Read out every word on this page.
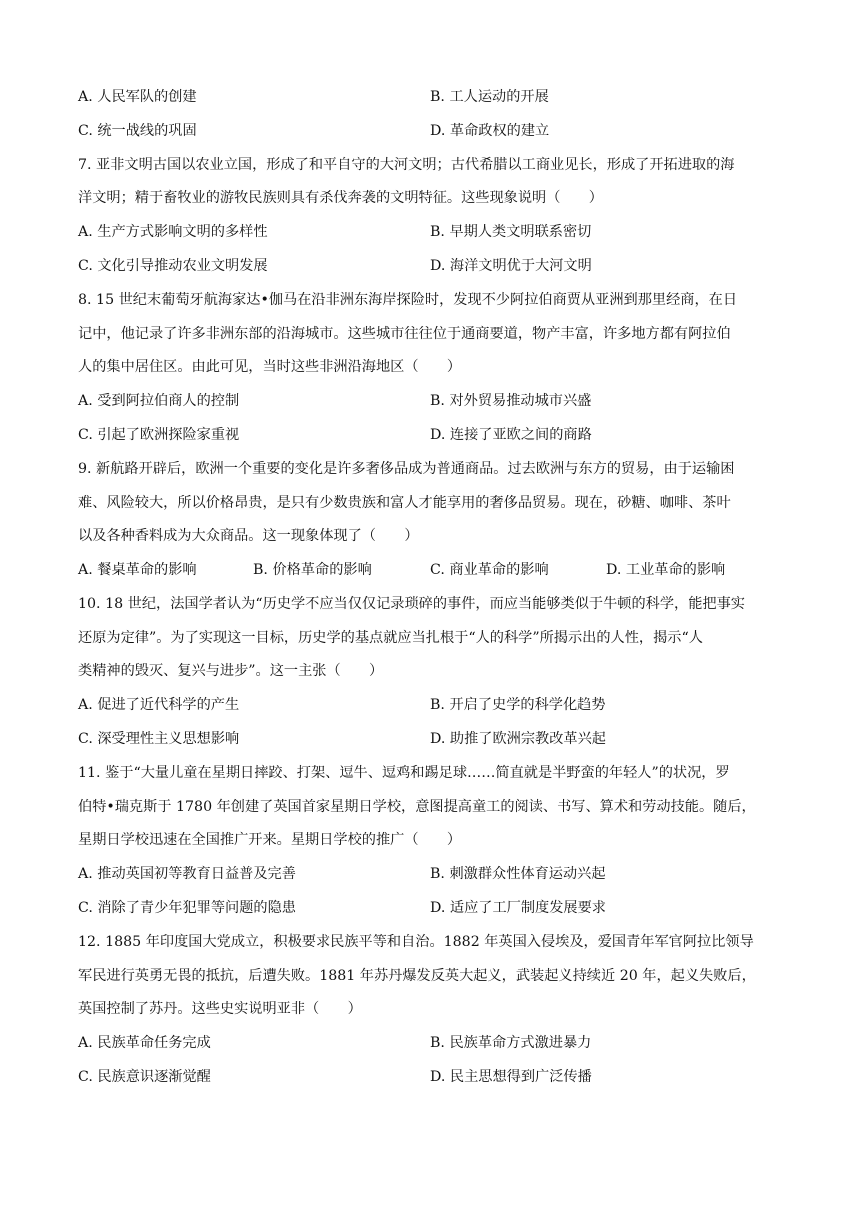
A. 人民军队的创建	B. 工人运动的开展
C. 统一战线的巩固	D. 革命政权的建立
7. 亚非文明古国以农业立国，形成了和平自守的大河文明；古代希腊以工商业见长，形成了开拓进取的海
洋文明；精于畜牧业的游牧民族则具有杀伐奔袭的文明特征。这些现象说明（　　）
A. 生产方式影响文明的多样性	B. 早期人类文明联系密切
C. 文化引导推动农业文明发展	D. 海洋文明优于大河文明
8. 15 世纪末葡萄牙航海家达•伽马在沿非洲东海岸探险时，发现不少阿拉伯商贾从亚洲到那里经商，在日
记中，他记录了许多非洲东部的沿海城市。这些城市往往位于通商要道，物产丰富，许多地方都有阿拉伯
人的集中居住区。由此可见，当时这些非洲沿海地区（　　）
A. 受到阿拉伯商人的控制	B. 对外贸易推动城市兴盛
C. 引起了欧洲探险家重视	D. 连接了亚欧之间的商路
9. 新航路开辟后，欧洲一个重要的变化是许多奢侈品成为普通商品。过去欧洲与东方的贸易，由于运输困
难、风险较大，所以价格昂贵，是只有少数贵族和富人才能享用的奢侈品贸易。现在，砂糖、咖啡、茶叶
以及各种香料成为大众商品。这一现象体现了（　　）
A. 餐桌革命的影响	B. 价格革命的影响	C. 商业革命的影响	D. 工业革命的影响
10. 18 世纪，法国学者认为“历史学不应当仅仅记录琐碎的事件，而应当能够类似于牛顿的科学，能把事实
还原为定律”。为了实现这一目标，历史学的基点就应当扎根于“人的科学”所揭示出的人性，揭示“人
类精神的毁灭、复兴与进步”。这一主张（　　）
A. 促进了近代科学的产生	B. 开启了史学的科学化趋势
C. 深受理性主义思想影响	D. 助推了欧洲宗教改革兴起
11. 鉴于“大量儿童在星期日摔跤、打架、逗牛、逗鸡和踢足球……简直就是半野蛮的年轻人”的状况，罗
伯特•瑞克斯于 1780 年创建了英国首家星期日学校，意图提高童工的阅读、书写、算术和劳动技能。随后，
星期日学校迅速在全国推广开来。星期日学校的推广（　　）
A. 推动英国初等教育日益普及完善	B. 刺激群众性体育运动兴起
C. 消除了青少年犯罪等问题的隐患	D. 适应了工厂制度发展要求
12. 1885 年印度国大党成立，积极要求民族平等和自治。1882 年英国入侵埃及，爱国青年军官阿拉比领导
军民进行英勇无畏的抵抗，后遭失败。1881 年苏丹爆发反英大起义，武装起义持续近 20 年，起义失败后，
英国控制了苏丹。这些史实说明亚非（　　）
A. 民族革命任务完成	B. 民族革命方式激进暴力
C. 民族意识逐渐觉醒	D. 民主思想得到广泛传播
